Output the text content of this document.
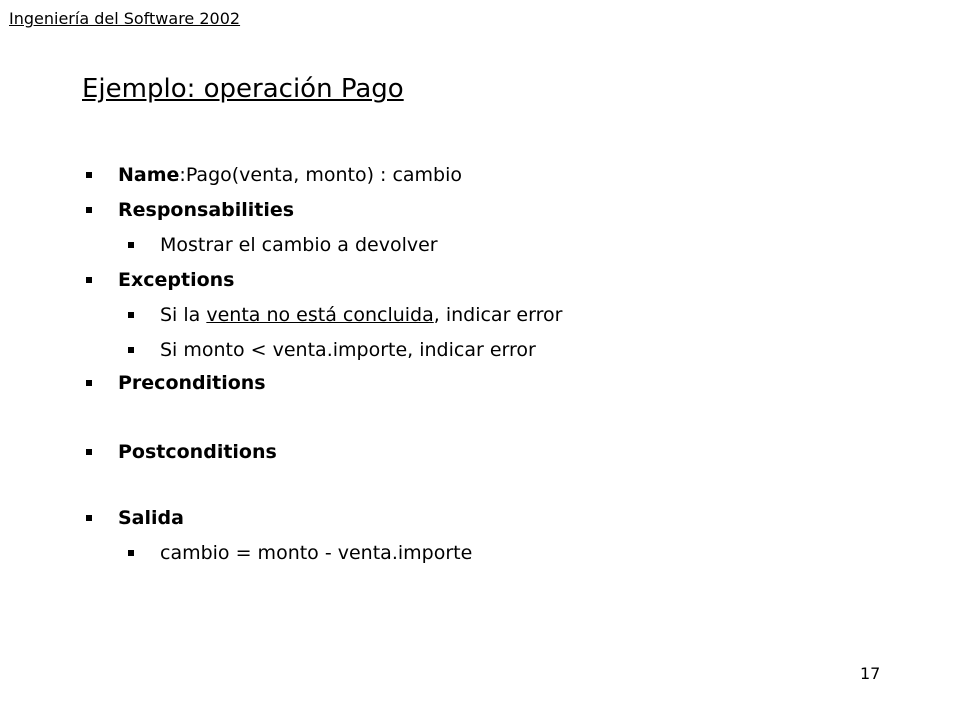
Ingeniería del Software 2002
Ejemplo: operación Pago
Name:Pago(venta, monto) : cambio
Responsabilities
Mostrar el cambio a devolver
Exceptions
Si la venta no está concluida, indicar error
Si monto < venta.importe, indicar error
Preconditions
Postconditions
Salida
cambio = monto - venta.importe
17
